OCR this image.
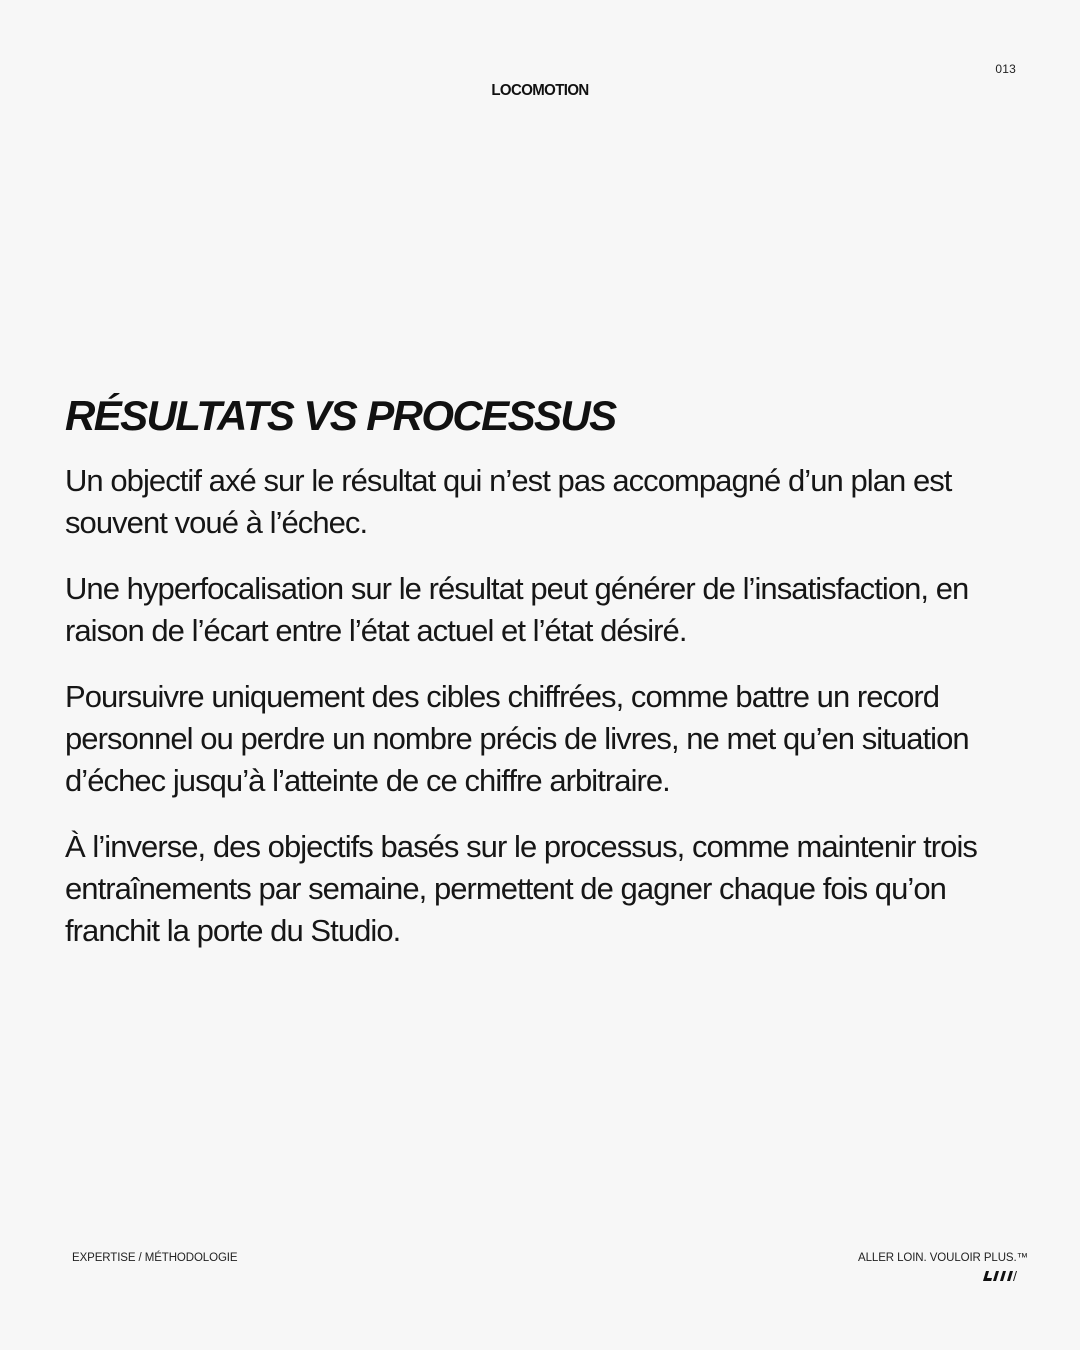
013
LOCOMOTION
RÉSULTATS VS PROCESSUS

Un objectif axé sur le résultat qui n’est pas accompagné d’un plan est souvent voué à l’échec.

Une hyperfocalisation sur le résultat peut générer de l’insatisfaction, en raison de l’écart entre l’état actuel et l’état désiré.

Poursuivre uniquement des cibles chiffrées, comme battre un record personnel ou perdre un nombre précis de livres, ne met qu’en situation d’échec jusqu’à l’atteinte de ce chiffre arbitraire.

À l’inverse, des objectifs basés sur le processus, comme maintenir trois entraînements par semaine, permettent de gagner chaque fois qu’on franchit la porte du Studio.

EXPERTISE / MÉTHODOLOGIE	ALLER LOIN. VOULOIR PLUS.™
